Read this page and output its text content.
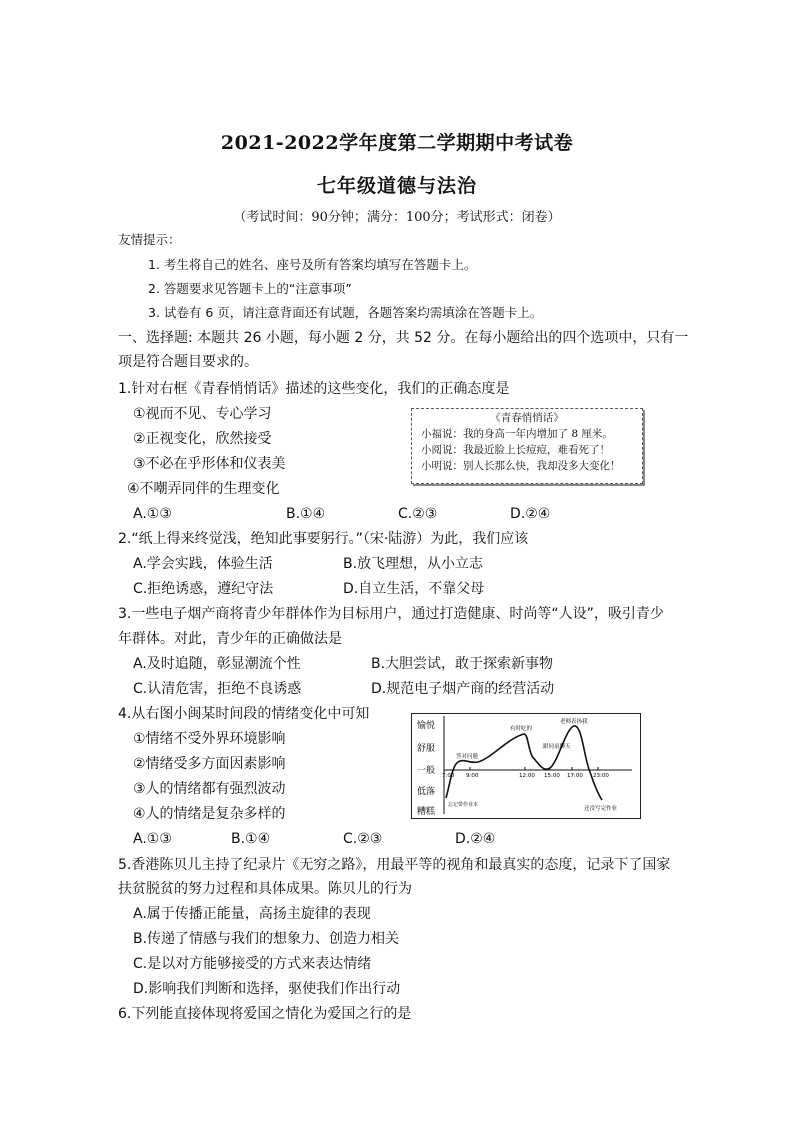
2021-2022学年度第二学期期中考试卷
七年级道德与法治
（考试时间：90分钟；满分：100分；考试形式：闭卷）
友情提示：
1. 考生将自己的姓名、座号及所有答案均填写在答题卡上。
2. 答题要求见答题卡上的“注意事项”
3. 试卷有 6 页，请注意背面还有试题，各题答案均需填涂在答题卡上。
一、选择题: 本题共 26 小题，每小题 2 分，共 52 分。在每小题给出的四个选项中，只有一
项是符合题目要求的。
1.针对右框《青春悄悄话》描述的这些变化，我们的正确态度是
①视而不见、专心学习
②正视变化，欣然接受
③不必在乎形体和仪表美
④不嘲弄同伴的生理变化
A.①③	B.①④	C.②③	D.②④
《青春悄悄话》
小福说：我的身高一年内增加了 8 厘米。
小阅说：我最近脸上长痘痘，难看死了！
小明说：别人长那么快，我却没多大变化！
2.“纸上得来终觉浅，绝知此事要躬行。”（宋·陆游）为此，我们应该
A.学会实践，体验生活	B.放飞理想，从小立志
C.拒绝诱惑，遵纪守法	D.自立生活，不靠父母
3.一些电子烟产商将青少年群体作为目标用户，通过打造健康、时尚等“人设”，吸引青少
年群体。对此，青少年的正确做法是
A.及时追随，彰显潮流个性	B.大胆尝试，敢于探索新事物
C.认清危害，拒绝不良诱惑	D.规范电子烟产商的经营活动
4.从右图小闽某时间段的情绪变化中可知
①情绪不受外界环境影响
②情绪受多方面因素影响
③人的情绪都有强烈波动
④人的情绪是复杂多样的
A.①③	B.①④	C.②③	D.②④
愉悦
舒服
一般
低落
糟糕
7:00 9:00	12:00 15:00 17:00 23:00
有时吃的
老师表扬我
答对问题
跟同桌聊天
忘记带作业本
还没写完作业
5.香港陈贝儿主持了纪录片《无穷之路》，用最平等的视角和最真实的态度，记录下了国家
扶贫脱贫的努力过程和具体成果。陈贝儿的行为
A.属于传播正能量，高扬主旋律的表现
B.传递了情感与我们的想象力、创造力相关
C.是以对方能够接受的方式来表达情绪
D.影响我们判断和选择，驱使我们作出行动
6.下列能直接体现将爱国之情化为爱国之行的是
